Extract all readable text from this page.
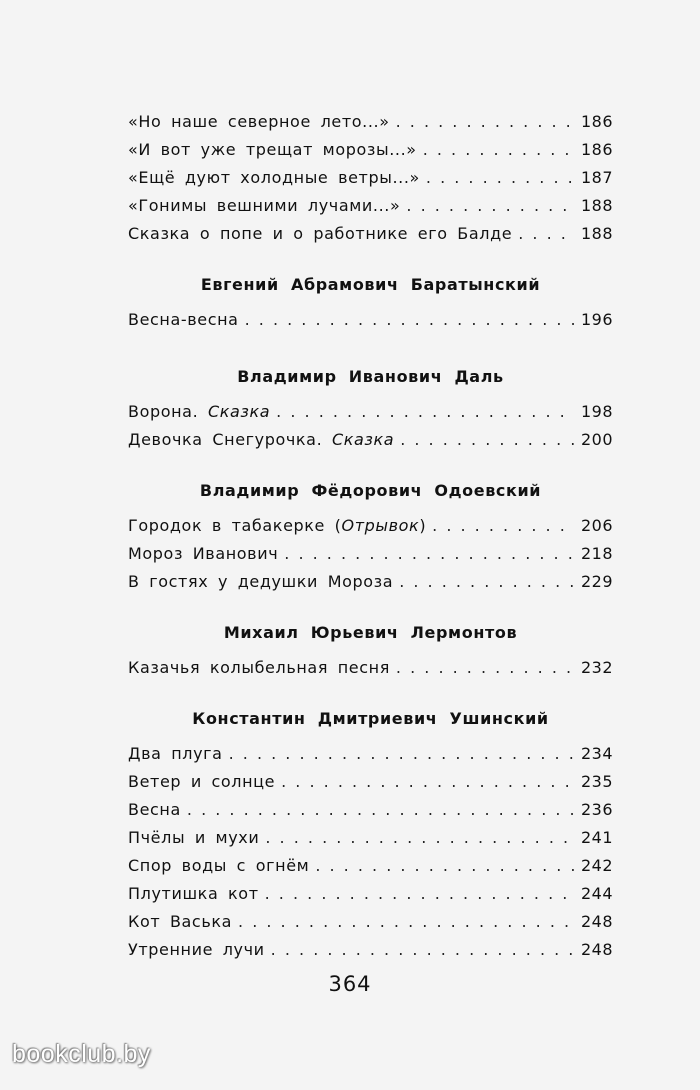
«Но наше северное лето...» . . .	186
«И вот уже трещат морозы...» . . .	186
«Ещё дуют холодные ветры...» . . .	187
«Гонимы вешними лучами...» . . .	188
Сказка о попе и о работнике его Балде . . .	188
Евгений Абрамович Баратынский
Весна-весна . . .	196
Владимир Иванович Даль
Ворона. Сказка . . .	198
Девочка Снегурочка. Сказка . . .	200
Владимир Фёдорович Одоевский
Городок в табакерке (Отрывок) . . .	206
Мороз Иванович . . .	218
В гостях у дедушки Мороза . . .	229
Михаил Юрьевич Лермонтов
Казачья колыбельная песня . . .	232
Константин Дмитриевич Ушинский
Два плуга . . .	234
Ветер и солнце . . .	235
Весна . . .	236
Пчёлы и мухи . . .	241
Спор воды с огнём . . .	242
Плутишка кот . . .	244
Кот Васька . . .	248
Утренние лучи . . .	248
364
bookclub.by
